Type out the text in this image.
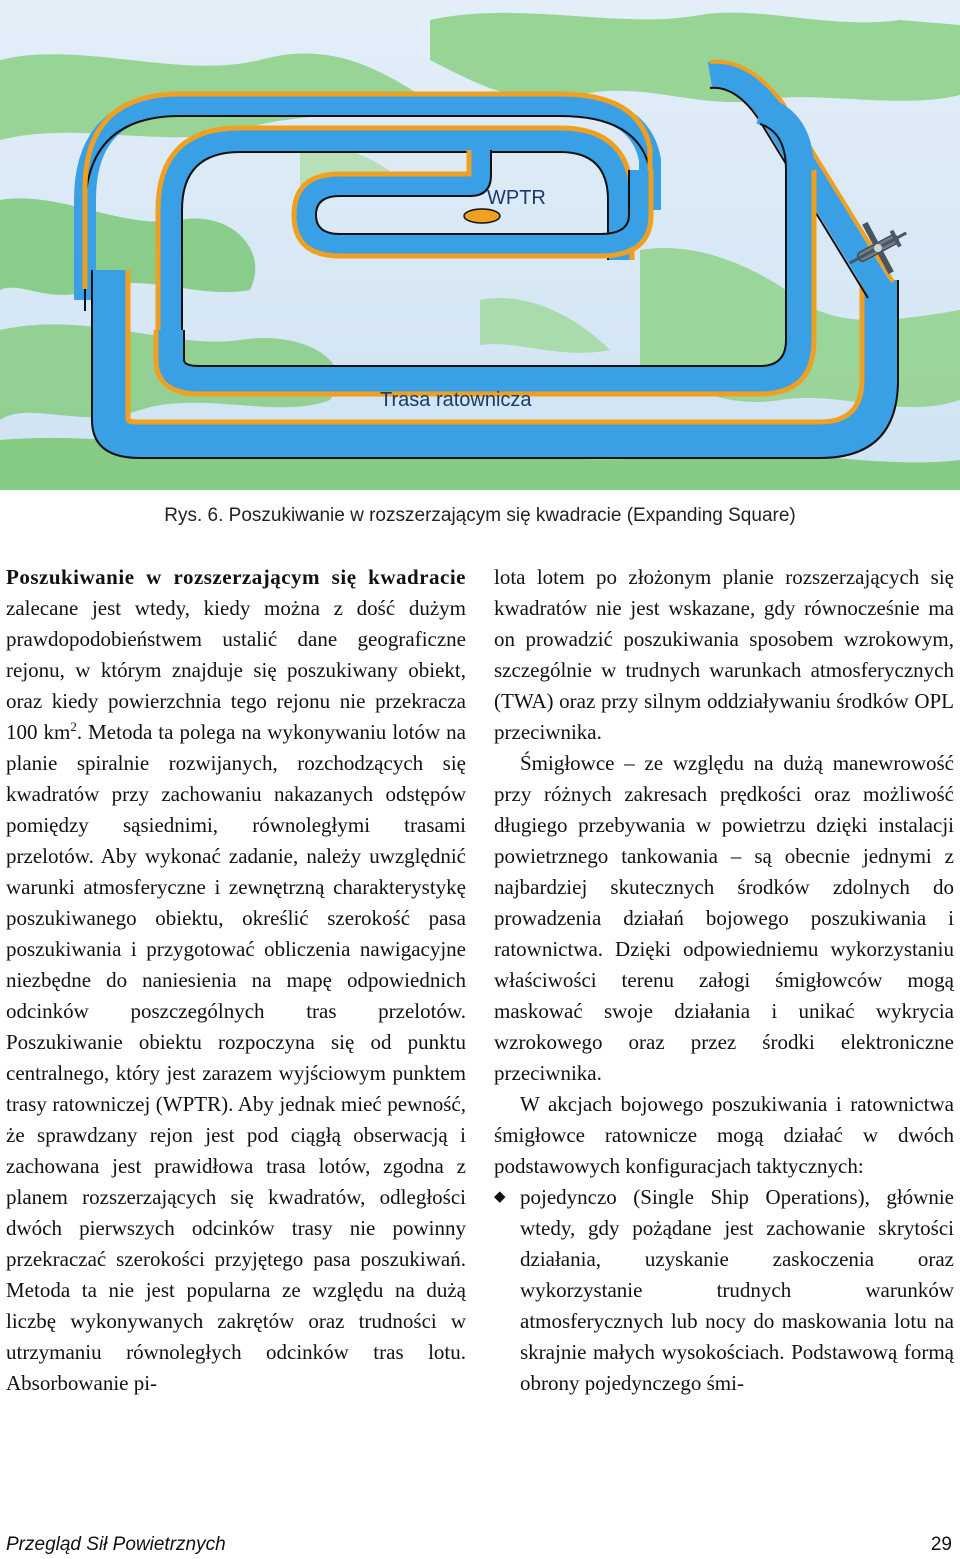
WPTR
Trasa ratownicza
Rys. 6. Poszukiwanie w rozszerzającym się kwadracie (Expanding Square)

Poszukiwanie w rozszerzającym się kwadracie zalecane jest wtedy, kiedy można z dość dużym prawdopodobieństwem ustalić dane geograficzne rejonu, w którym znajduje się poszukiwany obiekt, oraz kiedy powierzchnia tego rejonu nie przekracza 100 $km^2$. Metoda ta polega na wykonywaniu lotów na planie spiralnie rozwijanych, rozchodzących się kwadratów przy zachowaniu nakazanych odstępów pomiędzy sąsiednimi, równoległymi trasami przelotów. Aby wykonać zadanie, należy uwzględnić warunki atmosferyczne i zewnętrzną charakterystykę poszukiwanego obiektu, określić szerokość pasa poszukiwania i przygotować obliczenia nawigacyjne niezbędne do naniesienia na mapę odpowiednich odcinków poszczególnych tras przelotów. Poszukiwanie obiektu rozpoczyna się od punktu centralnego, który jest zarazem wyjściowym punktem trasy ratowniczej (WPTR). Aby jednak mieć pewność, że sprawdzany rejon jest pod ciągłą obserwacją i zachowana jest prawidłowa trasa lotów, zgodna z planem rozszerzających się kwadratów, odległości dwóch pierwszych odcinków trasy nie powinny przekraczać szerokości przyjętego pasa poszukiwań. Metoda ta nie jest popularna ze względu na dużą liczbę wykonywanych zakrętów oraz trudności w utrzymaniu równoległych odcinków tras lotu. Absorbowanie pi-

lota lotem po złożonym planie rozszerzających się kwadratów nie jest wskazane, gdy równocześnie ma on prowadzić poszukiwania sposobem wzrokowym, szczególnie w trudnych warunkach atmosferycznych (TWA) oraz przy silnym oddziaływaniu środków OPL przeciwnika.

Śmigłowce – ze względu na dużą manewrowość przy różnych zakresach prędkości oraz możliwość długiego przebywania w powietrzu dzięki instalacji powietrznego tankowania – są obecnie jednymi z najbardziej skutecznych środków zdolnych do prowadzenia działań bojowego poszukiwania i ratownictwa. Dzięki odpowiedniemu wykorzystaniu właściwości terenu załogi śmigłowców mogą maskować swoje działania i unikać wykrycia wzrokowego oraz przez środki elektroniczne przeciwnika.

W akcjach bojowego poszukiwania i ratownictwa śmigłowce ratownicze mogą działać w dwóch podstawowych konfiguracjach taktycznych:

◆ pojedynczo (Single Ship Operations), głównie wtedy, gdy pożądane jest zachowanie skrytości działania, uzyskanie zaskoczenia oraz wykorzystanie trudnych warunków atmosferycznych lub nocy do maskowania lotu na skrajnie małych wysokościach. Podstawową formą obrony pojedynczego śmi-
Przegląd Sił Powietrznych	29
